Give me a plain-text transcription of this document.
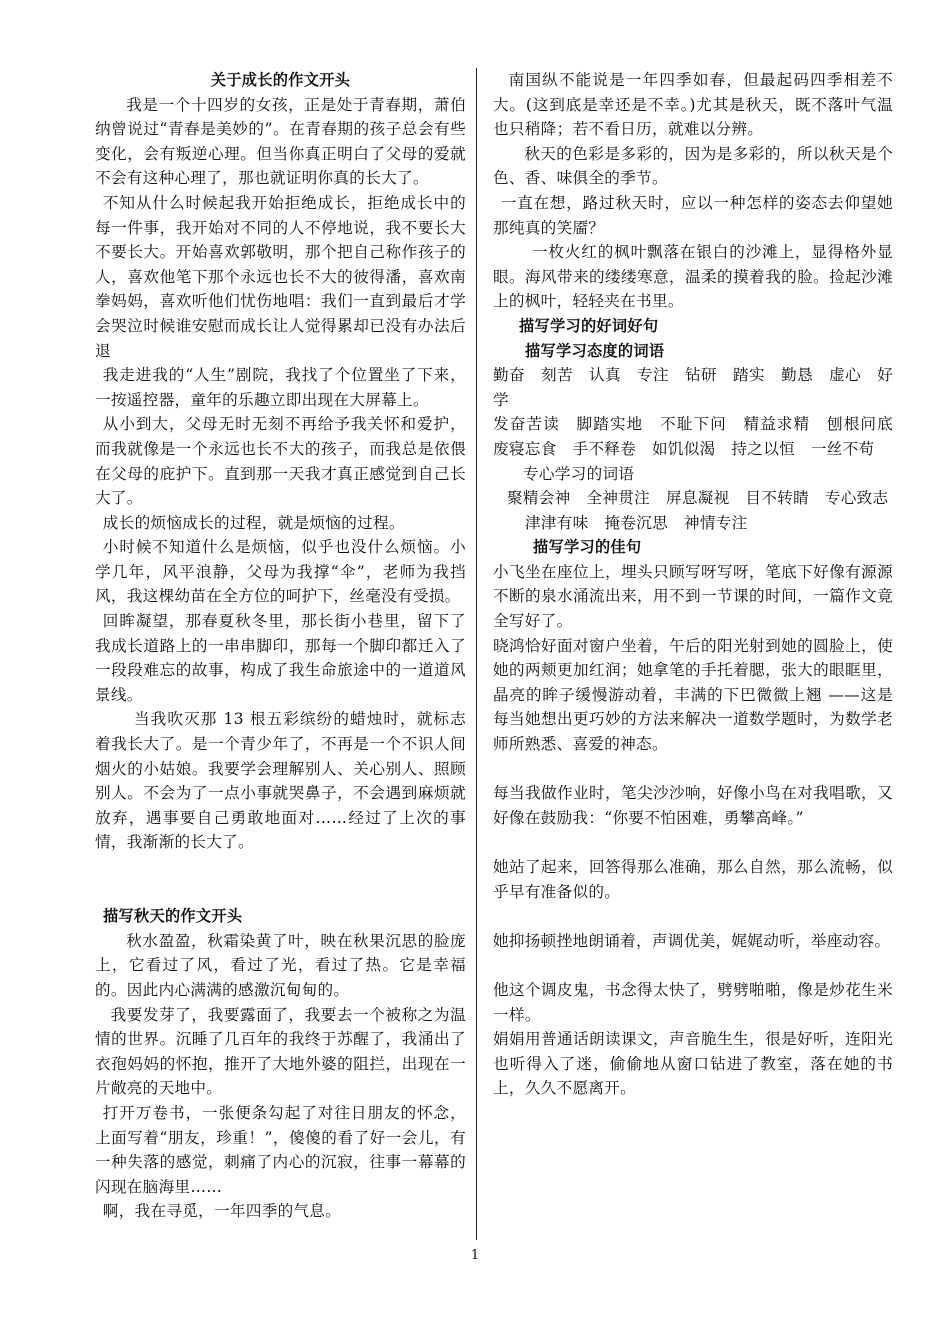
关于成长的作文开头

我是一个十四岁的女孩，正是处于青春期，萧伯纳曾说过“青春是美妙的”。在青春期的孩子总会有些变化，会有叛逆心理。但当你真正明白了父母的爱就不会有这种心理了，那也就证明你真的长大了。

不知从什么时候起我开始拒绝成长，拒绝成长中的每一件事，我开始对不同的人不停地说，我不要长大不要长大。开始喜欢郭敬明，那个把自己称作孩子的人，喜欢他笔下那个永远也长不大的彼得潘，喜欢南拳妈妈，喜欢听他们忧伤地唱：我们一直到最后才学会哭泣时候谁安慰而成长让人觉得累却已没有办法后退

我走进我的“人生”剧院，我找了个位置坐了下来，一按遥控器，童年的乐趣立即出现在大屏幕上。

从小到大，父母无时无刻不再给予我关怀和爱护，而我就像是一个永远也长不大的孩子，而我总是依偎在父母的庇护下。直到那一天我才真正感觉到自己长大了。

成长的烦恼成长的过程，就是烦恼的过程。

小时候不知道什么是烦恼，似乎也没什么烦恼。小学几年，风平浪静，父母为我撑“伞”，老师为我挡风，我这棵幼苗在全方位的呵护下，丝毫没有受损。

回眸凝望，那春夏秋冬里，那长街小巷里，留下了我成长道路上的一串串脚印，那每一个脚印都迁入了一段段难忘的故事，构成了我生命旅途中的一道道风景线。

当我吹灭那 13 根五彩缤纷的蜡烛时，就标志着我长大了。是一个青少年了，不再是一个不识人间烟火的小姑娘。我要学会理解别人、关心别人、照顾别人。不会为了一点小事就哭鼻子，不会遇到麻烦就放弃，遇事要自己勇敢地面对……经过了上次的事情，我渐渐的长大了。

描写秋天的作文开头

秋水盈盈，秋霜染黄了叶，映在秋果沉思的脸庞上，它看过了风，看过了光，看过了热。它是幸福的。因此内心满满的感激沉甸甸的。

我要发芽了，我要露面了，我要去一个被称之为温情的世界。沉睡了几百年的我终于苏醒了，我涌出了衣孢妈妈的怀抱，推开了大地外婆的阻拦，出现在一片敞亮的天地中。

打开万卷书，一张便条勾起了对往日朋友的怀念，上面写着“朋友，珍重！”，傻傻的看了好一会儿，有一种失落的感觉，刺痛了内心的沉寂，往事一幕幕的闪现在脑海里……

啊，我在寻觅，一年四季的气息。

南国纵不能说是一年四季如春，但最起码四季相差不大。(这到底是幸还是不幸。)尤其是秋天，既不落叶气温也只稍降；若不看日历，就难以分辨。

秋天的色彩是多彩的，因为是多彩的，所以秋天是个色、香、味俱全的季节。

一直在想，路过秋天时，应以一种怎样的姿态去仰望她那纯真的笑靥？

一枚火红的枫叶飘落在银白的沙滩上，显得格外显眼。海风带来的缕缕寒意，温柔的摸着我的脸。捡起沙滩上的枫叶，轻轻夹在书里。

描写学习的好词好句

描写学习态度的词语

勤奋　刻苦　认真　专注　钻研　踏实　勤恳　虚心　好学

发奋苦读　脚踏实地　不耻下问　精益求精　刨根问底　　废寝忘食　手不释卷　如饥似渴　持之以恒　一丝不苟

专心学习的词语

聚精会神　全神贯注　屏息凝视　目不转睛　专心致志

津津有味　掩卷沉思　神情专注

描写学习的佳句

小飞坐在座位上，埋头只顾写呀写呀，笔底下好像有源源不断的泉水涌流出来，用不到一节课的时间，一篇作文竟全写好了。

晓鸿恰好面对窗户坐着，午后的阳光射到她的圆脸上，使她的两颊更加红润；她拿笔的手托着腮，张大的眼眶里，晶亮的眸子缓慢游动着，丰满的下巴微微上翘 ——这是每当她想出更巧妙的方法来解决一道数学题时，为数学老师所熟悉、喜爱的神态。

每当我做作业时，笔尖沙沙响，好像小鸟在对我唱歌，又好像在鼓励我：“你要不怕困难，勇攀高峰。”

她站了起来，回答得那么准确，那么自然，那么流畅，似乎早有准备似的。

她抑扬顿挫地朗诵着，声调优美，娓娓动听，举座动容。

他这个调皮鬼，书念得太快了，劈劈啪啪，像是炒花生米一样。

娟娟用普通话朗读课文，声音脆生生，很是好听，连阳光也听得入了迷，偷偷地从窗口钻进了教室，落在她的书上，久久不愿离开。

1
